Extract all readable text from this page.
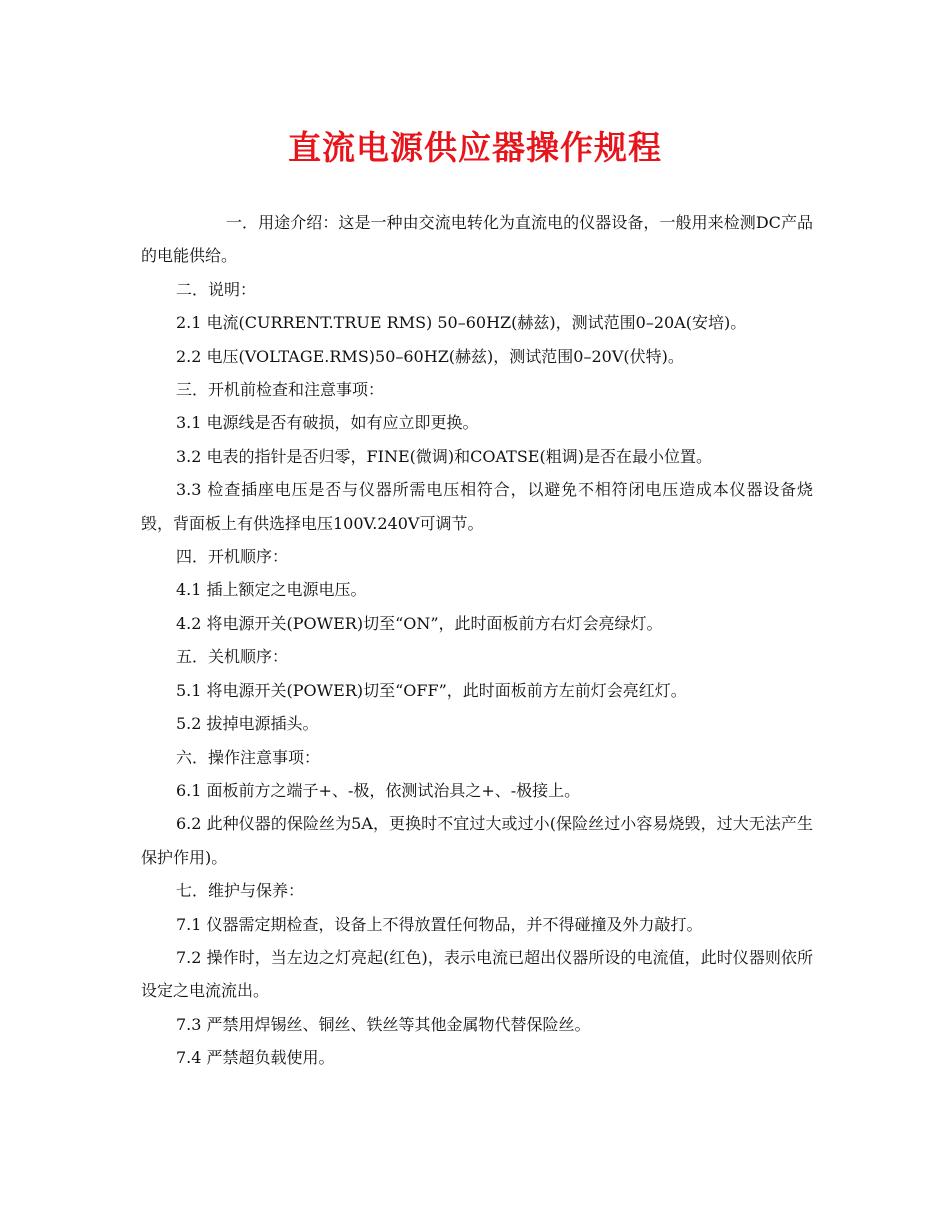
直流电源供应器操作规程

一．用途介绍：这是一种由交流电转化为直流电的仪器设备，一般用来检测DC产品的电能供给。

二．说明：

2.1 电流(CURRENT.TRUE RMS) 50–60HZ(赫兹)，测试范围0–20A(安培)。

2.2 电压(VOLTAGE.RMS)50–60HZ(赫兹)，测试范围0–20V(伏特)。

三．开机前检查和注意事项：

3.1 电源线是否有破损，如有应立即更换。

3.2 电表的指针是否归零，FINE(微调)和COATSE(粗调)是否在最小位置。

3.3 检查插座电压是否与仪器所需电压相符合，以避免不相符闭电压造成本仪器设备烧毁，背面板上有供选择电压100V.240V可调节。

四．开机顺序：

4.1 插上额定之电源电压。

4.2 将电源开关(POWER)切至“ON”，此时面板前方右灯会亮绿灯。

五．关机顺序：

5.1 将电源开关(POWER)切至“OFF”，此时面板前方左前灯会亮红灯。

5.2 拔掉电源插头。

六．操作注意事项：

6.1 面板前方之端子+、-极，依测试治具之+、-极接上。

6.2 此种仪器的保险丝为5A，更换时不宜过大或过小(保险丝过小容易烧毁，过大无法产生保护作用)。

七．维护与保养：

7.1 仪器需定期检查，设备上不得放置任何物品，并不得碰撞及外力敲打。

7.2 操作时，当左边之灯亮起(红色)，表示电流已超出仪器所设的电流值，此时仪器则依所设定之电流流出。

7.3 严禁用焊锡丝、铜丝、铁丝等其他金属物代替保险丝。

7.4 严禁超负载使用。
